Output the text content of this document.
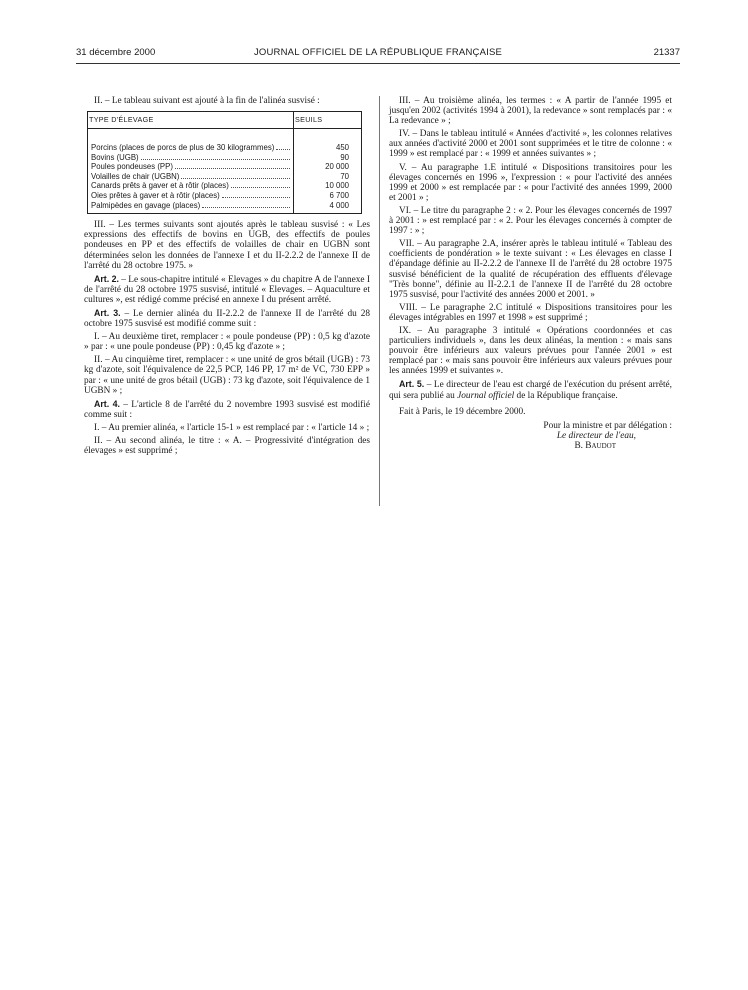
31 décembre 2000	JOURNAL OFFICIEL DE LA RÉPUBLIQUE FRANÇAISE	21337

II. – Le tableau suivant est ajouté à la fin de l'alinéa susvisé :

TYPE D'ÉLEVAGE	SEUILS

Porcins (places de porcs de plus de 30 kilogrammes)	450

Bovins (UGB)	90

Poules pondeuses (PP)	20 000

Volailles de chair (UGBN)	70

Canards prêts à gaver et à rôtir (places)	10 000

Oies prêtes à gaver et à rôtir (places)	6 700

Palmipèdes en gavage (places)	4 000

III. – Les termes suivants sont ajoutés après le tableau susvisé : « Les expressions des effectifs de bovins en UGB, des effectifs de poules pondeuses en PP et des effectifs de volailles de chair en UGBN sont déterminées selon les données de l'annexe I et du II-2.2.2 de l'annexe II de l'arrêté du 28 octobre 1975. »

Art. 2. – Le sous-chapitre intitulé « Elevages » du chapitre A de l'annexe I de l'arrêté du 28 octobre 1975 susvisé, intitulé « Elevages. – Aquaculture et cultures », est rédigé comme précisé en annexe I du présent arrêté.

Art. 3. – Le dernier alinéa du II-2.2.2 de l'annexe II de l'arrêté du 28 octobre 1975 susvisé est modifié comme suit :

I. – Au deuxième tiret, remplacer : « poule pondeuse (PP) : 0,5 kg d'azote » par : « une poule pondeuse (PP) : 0,45 kg d'azote » ;

II. – Au cinquième tiret, remplacer : « une unité de gros bétail (UGB) : 73 kg d'azote, soit l'équivalence de 22,5 PCP, 146 PP, 17 m² de VC, 730 EPP » par : « une unité de gros bétail (UGB) : 73 kg d'azote, soit l'équivalence de 1 UGBN » ;

Art. 4. – L'article 8 de l'arrêté du 2 novembre 1993 susvisé est modifié comme suit :

I. – Au premier alinéa, « l'article 15-1 » est remplacé par : « l'article 14 » ;

II. – Au second alinéa, le titre : « A. – Progressivité d'intégration des élevages » est supprimé ;

III. – Au troisième alinéa, les termes : « A partir de l'année 1995 et jusqu'en 2002 (activités 1994 à 2001), la redevance » sont remplacés par : « La redevance » ;

IV. – Dans le tableau intitulé « Années d'activité », les colonnes relatives aux années d'activité 2000 et 2001 sont supprimées et le titre de colonne : « 1999 » est remplacé par : « 1999 et années suivantes » ;

V. – Au paragraphe 1.E intitulé « Dispositions transitoires pour les élevages concernés en 1996 », l'expression : « pour l'activité des années 1999 et 2000 » est remplacée par : « pour l'activité des années 1999, 2000 et 2001 » ;

VI. – Le titre du paragraphe 2 : « 2. Pour les élevages concernés de 1997 à 2001 : » est remplacé par : « 2. Pour les élevages concernés à compter de 1997 : » ;

VII. – Au paragraphe 2.A, insérer après le tableau intitulé « Tableau des coefficients de pondération » le texte suivant : « Les élevages en classe I d'épandage définie au II-2.2.2 de l'annexe II de l'arrêté du 28 octobre 1975 susvisé bénéficient de la qualité de récupération des effluents d'élevage "Très bonne", définie au II-2.2.1 de l'annexe II de l'arrêté du 28 octobre 1975 susvisé, pour l'activité des années 2000 et 2001. »

VIII. – Le paragraphe 2.C intitulé « Dispositions transitoires pour les élevages intégrables en 1997 et 1998 » est supprimé ;

IX. – Au paragraphe 3 intitulé « Opérations coordonnées et cas particuliers individuels », dans les deux alinéas, la mention : « mais sans pouvoir être inférieurs aux valeurs prévues pour l'année 2001 » est remplacé par : « mais sans pouvoir être inférieurs aux valeurs prévues pour les années 1999 et suivantes ».

Art. 5. – Le directeur de l'eau est chargé de l'exécution du présent arrêté, qui sera publié au Journal officiel de la République française.

Fait à Paris, le 19 décembre 2000.

Pour la ministre et par délégation :
Le directeur de l'eau,
B. Baudot
